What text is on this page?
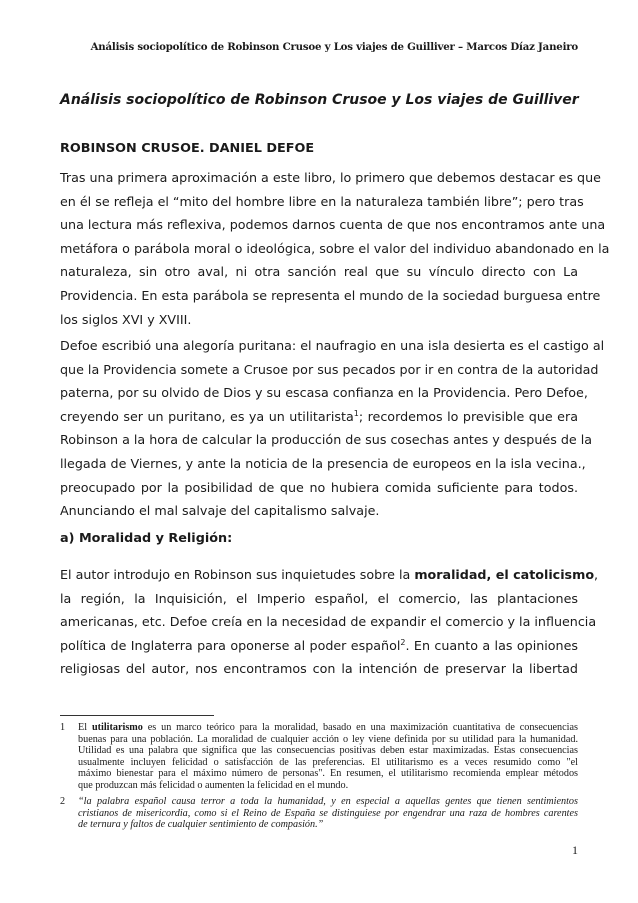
Análisis sociopolítico de Robinson Crusoe y Los viajes de Guilliver – Marcos Díaz Janeiro
Análisis sociopolítico de Robinson Crusoe y Los viajes de Guilliver
ROBINSON CRUSOE. DANIEL DEFOE
Tras una primera aproximación a este libro, lo primero que debemos destacar es que
en él se refleja el “mito del hombre libre en la naturaleza también libre”; pero tras
una lectura más reflexiva, podemos darnos cuenta de que nos encontramos ante una
metáfora o parábola moral o ideológica, sobre el valor del individuo abandonado en la
naturaleza, sin otro aval, ni otra sanción real que su vínculo directo con La
Providencia. En esta parábola se representa el mundo de la sociedad burguesa entre
los siglos XVI y XVIII.
Defoe escribió una alegoría puritana: el naufragio en una isla desierta es el castigo al
que la Providencia somete a Crusoe por sus pecados por ir en contra de la autoridad
paterna, por su olvido de Dios y su escasa confianza en la Providencia. Pero Defoe,
creyendo ser un puritano, es ya un utilitarista$^1$; recordemos lo previsible que era
Robinson a la hora de calcular la producción de sus cosechas antes y después de la
llegada de Viernes, y ante la noticia de la presencia de europeos en la isla vecina.,
preocupado por la posibilidad de que no hubiera comida suficiente para todos.
Anunciando el mal salvaje del capitalismo salvaje.
a) Moralidad y Religión:
El autor introdujo en Robinson sus inquietudes sobre la moralidad, el catolicismo,
la región, la Inquisición, el Imperio español, el comercio, las plantaciones
americanas, etc. Defoe creía en la necesidad de expandir el comercio y la influencia
política de Inglaterra para oponerse al poder español$^2$. En cuanto a las opiniones
religiosas del autor, nos encontramos con la intención de preservar la libertad
1 El utilitarismo es un marco teórico para la moralidad, basado en una maximización cuantitativa de consecuencias
buenas para una población. La moralidad de cualquier acción o ley viene definida por su utilidad para la humanidad.
Utilidad es una palabra que significa que las consecuencias positivas deben estar maximizadas. Estas consecuencias
usualmente incluyen felicidad o satisfacción de las preferencias. El utilitarismo es a veces resumido como "el
máximo bienestar para el máximo número de personas". En resumen, el utilitarismo recomienda emplear métodos
que produzcan más felicidad o aumenten la felicidad en el mundo.
2 “la palabra español causa terror a toda la humanidad, y en especial a aquellas gentes que tienen sentimientos
cristianos de misericordia, como si el Reino de España se distinguiese por engendrar una raza de hombres carentes
de ternura y faltos de cualquier sentimiento de compasión.”
1
